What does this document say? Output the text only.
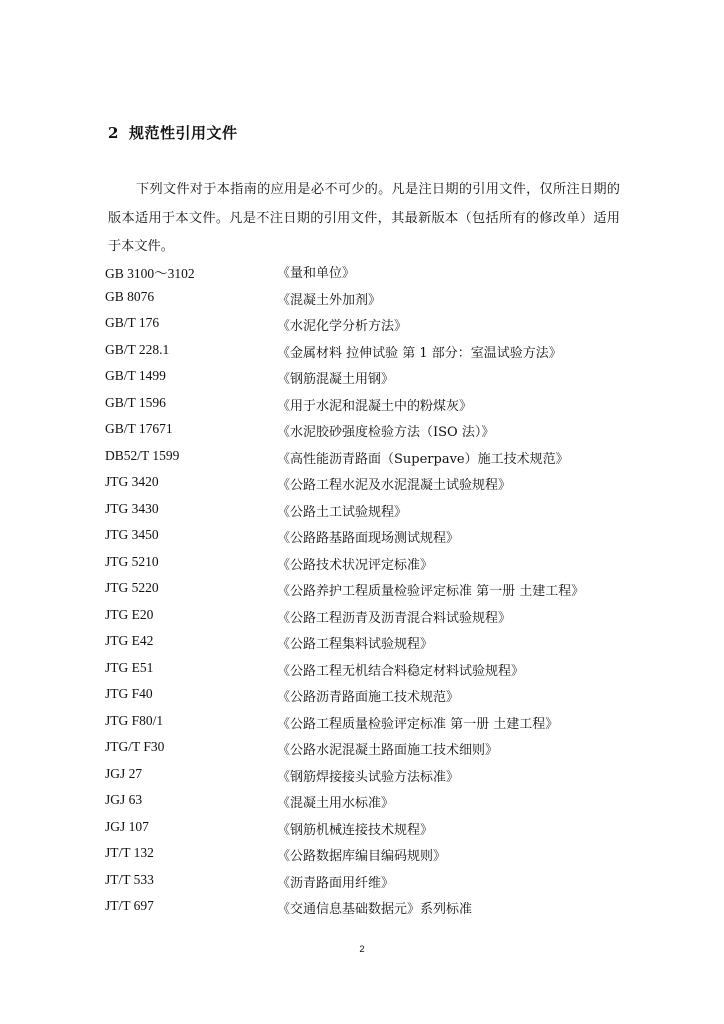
2 规范性引用文件
下列文件对于本指南的应用是必不可少的。凡是注日期的引用文件，仅所注日期的版本适用于本文件。凡是不注日期的引用文件，其最新版本（包括所有的修改单）适用于本文件。
GB 3100～3102	《量和单位》
GB 8076	《混凝土外加剂》
GB/T 176	《水泥化学分析方法》
GB/T 228.1	《金属材料 拉伸试验 第 1 部分：室温试验方法》
GB/T 1499	《钢筋混凝土用钢》
GB/T 1596	《用于水泥和混凝土中的粉煤灰》
GB/T 17671	《水泥胶砂强度检验方法（ISO 法）》
DB52/T 1599	《高性能沥青路面（Superpave）施工技术规范》
JTG 3420	《公路工程水泥及水泥混凝土试验规程》
JTG 3430	《公路土工试验规程》
JTG 3450	《公路路基路面现场测试规程》
JTG 5210	《公路技术状况评定标准》
JTG 5220	《公路养护工程质量检验评定标准 第一册 土建工程》
JTG E20	《公路工程沥青及沥青混合料试验规程》
JTG E42	《公路工程集料试验规程》
JTG E51	《公路工程无机结合料稳定材料试验规程》
JTG F40	《公路沥青路面施工技术规范》
JTG F80/1	《公路工程质量检验评定标准 第一册 土建工程》
JTG/T F30	《公路水泥混凝土路面施工技术细则》
JGJ 27	《钢筋焊接接头试验方法标准》
JGJ 63	《混凝土用水标准》
JGJ 107	《钢筋机械连接技术规程》
JT/T 132	《公路数据库编目编码规则》
JT/T 533	《沥青路面用纤维》
JT/T 697	《交通信息基础数据元》系列标准
2
